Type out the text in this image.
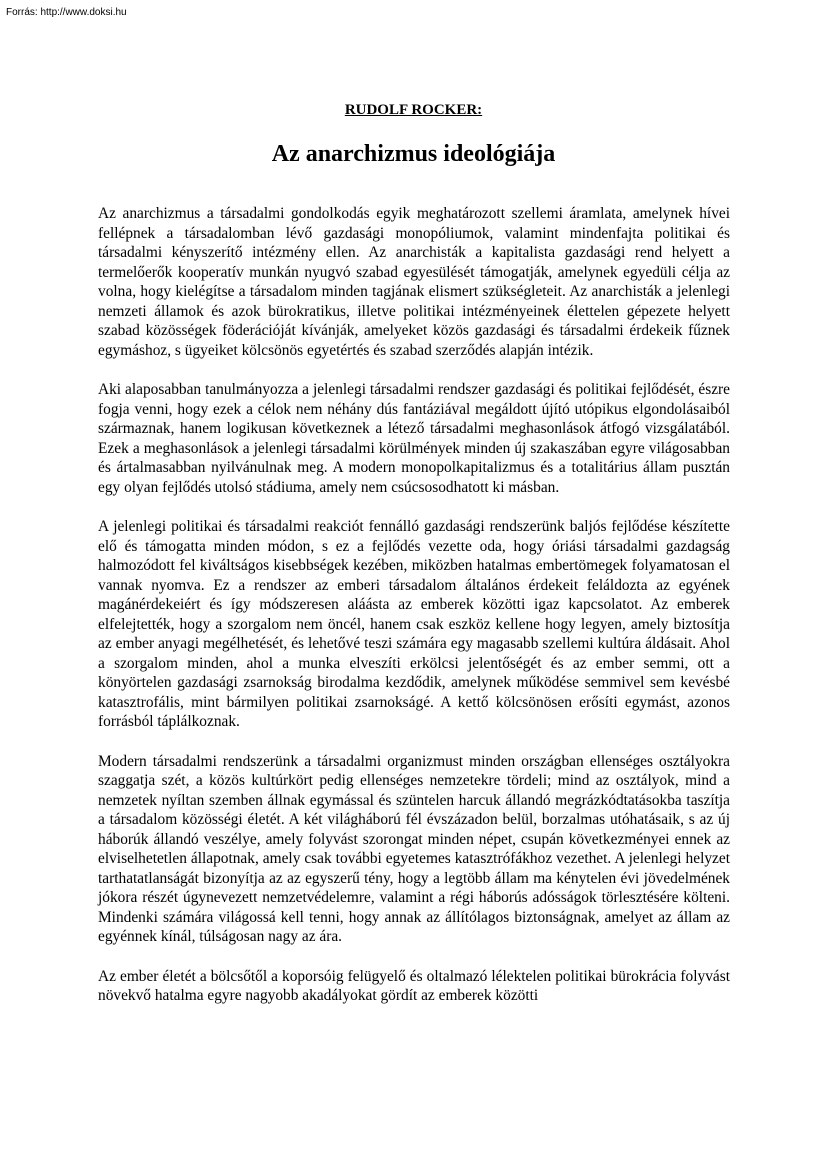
Forrás: http://www.doksi.hu

RUDOLF ROCKER:
Az anarchizmus ideológiája

Az anarchizmus a társadalmi gondolkodás egyik meghatározott szellemi áramlata, amelynek hívei fellépnek a társadalomban lévő gazdasági monopóliumok, valamint mindenfajta politikai és társadalmi kényszerítő intézmény ellen. Az anarchisták a kapitalista gazdasági rend helyett a termelőerők kooperatív munkán nyugvó szabad egyesülését támogatják, amelynek egyedüli célja az volna, hogy kielégítse a társadalom minden tagjának elismert szükségleteit. Az anarchisták a jelenlegi nemzeti államok és azok bürokratikus, illetve politikai intézményeinek élettelen gépezete helyett szabad közösségek föderációját kívánják, amelyeket közös gazdasági és társadalmi érdekeik fűznek egymáshoz, s ügyeiket kölcsönös egyetértés és szabad szerződés alapján intézik.

Aki alaposabban tanulmányozza a jelenlegi társadalmi rendszer gazdasági és politikai fejlődését, észre fogja venni, hogy ezek a célok nem néhány dús fantáziával megáldott újító utópikus elgondolásaiból származnak, hanem logikusan következnek a létező társadalmi meghasonlások átfogó vizsgálatából. Ezek a meghasonlások a jelenlegi társadalmi körülmények minden új szakaszában egyre világosabban és ártalmasabban nyilvánulnak meg. A modern monopolkapitalizmus és a totalitárius állam pusztán egy olyan fejlődés utolsó stádiuma, amely nem csúcsosodhatott ki másban.

A jelenlegi politikai és társadalmi reakciót fennálló gazdasági rendszerünk baljós fejlődése készítette elő és támogatta minden módon, s ez a fejlődés vezette oda, hogy óriási társadalmi gazdagság halmozódott fel kiváltságos kisebbségek kezében, miközben hatalmas embertömegek folyamatosan el vannak nyomva. Ez a rendszer az emberi társadalom általános érdekeit feláldozta az egyének magánérdekeiért és így módszeresen aláásta az emberek közötti igaz kapcsolatot. Az emberek elfelejtették, hogy a szorgalom nem öncél, hanem csak eszköz kellene hogy legyen, amely biztosítja az ember anyagi megélhetését, és lehetővé teszi számára egy magasabb szellemi kultúra áldásait. Ahol a szorgalom minden, ahol a munka elveszíti erkölcsi jelentőségét és az ember semmi, ott a könyörtelen gazdasági zsarnokság birodalma kezdődik, amelynek működése semmivel sem kevésbé katasztrofális, mint bármilyen politikai zsarnokságé. A kettő kölcsönösen erősíti egymást, azonos forrásból táplálkoznak.

Modern társadalmi rendszerünk a társadalmi organizmust minden országban ellenséges osztályokra szaggatja szét, a közös kultúrkört pedig ellenséges nemzetekre tördeli; mind az osztályok, mind a nemzetek nyíltan szemben állnak egymással és szüntelen harcuk állandó megrázkódtatásokba taszítja a társadalom közösségi életét. A két világháború fél évszázadon belül, borzalmas utóhatásaik, s az új háborúk állandó veszélye, amely folyvást szorongat minden népet, csupán következményei ennek az elviselhetetlen állapotnak, amely csak további egyetemes katasztrófákhoz vezethet. A jelenlegi helyzet tarthatatlanságát bizonyítja az az egyszerű tény, hogy a legtöbb állam ma kénytelen évi jövedelmének jókora részét úgynevezett nemzetvédelemre, valamint a régi háborús adósságok törlesztésére költeni. Mindenki számára világossá kell tenni, hogy annak az állítólagos biztonságnak, amelyet az állam az egyénnek kínál, túlságosan nagy az ára.

Az ember életét a bölcsőtől a koporsóig felügyelő és oltalmazó lélektelen politikai bürokrácia folyvást növekvő hatalma egyre nagyobb akadályokat gördít az emberek közötti
